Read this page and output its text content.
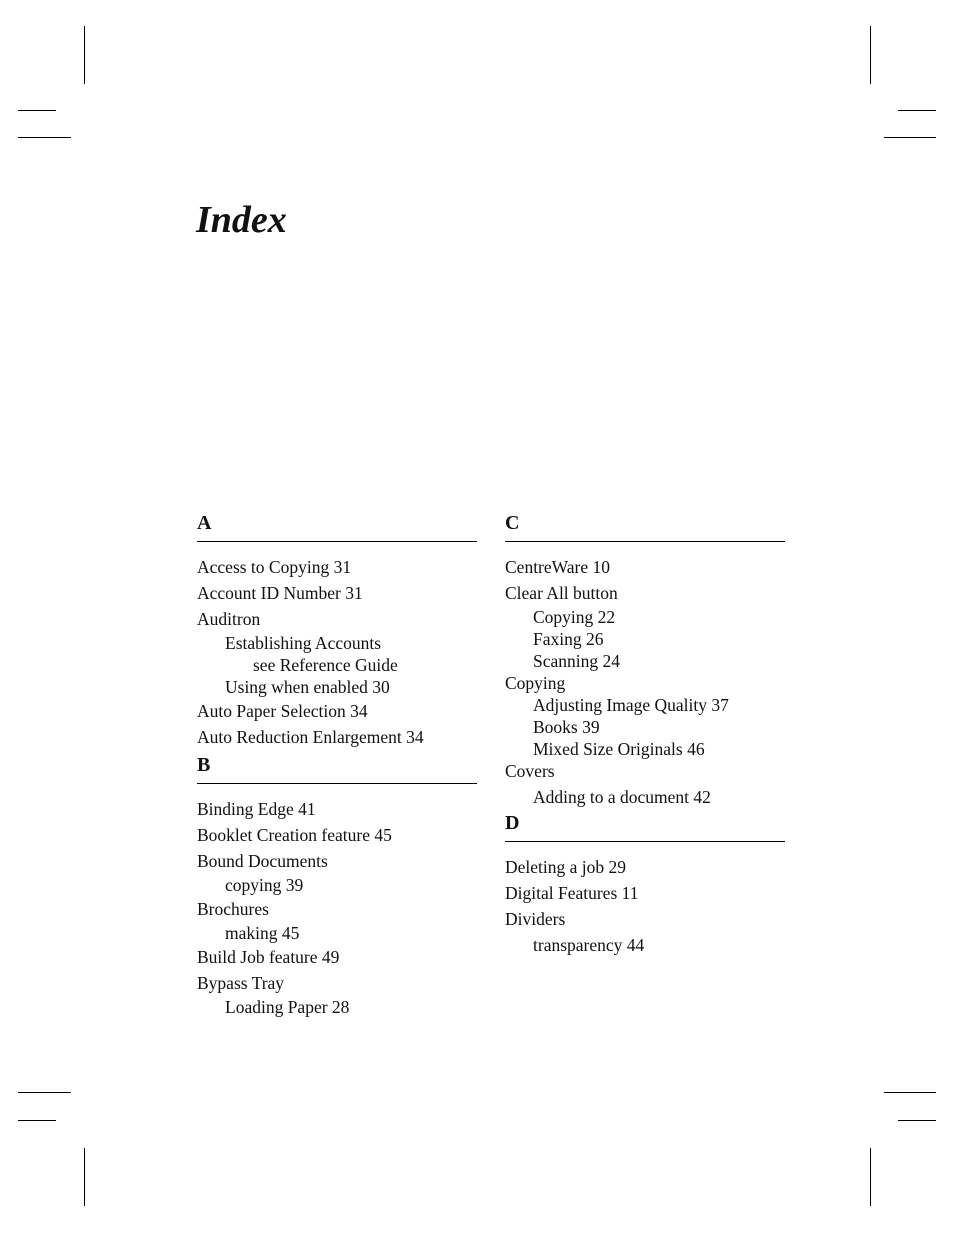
Index
A
Access to Copying 31
Account ID Number 31
Auditron
Establishing Accounts
see Reference Guide
Using when enabled 30
Auto Paper Selection 34
Auto Reduction Enlargement 34
B
Binding Edge 41
Booklet Creation feature 45
Bound Documents
copying 39
Brochures
making 45
Build Job feature 49
Bypass Tray
Loading Paper 28
C
CentreWare 10
Clear All button
Copying 22
Faxing 26
Scanning 24
Copying
Adjusting Image Quality 37
Books 39
Mixed Size Originals 46
Covers
Adding to a document 42
D
Deleting a job 29
Digital Features 11
Dividers
transparency 44
